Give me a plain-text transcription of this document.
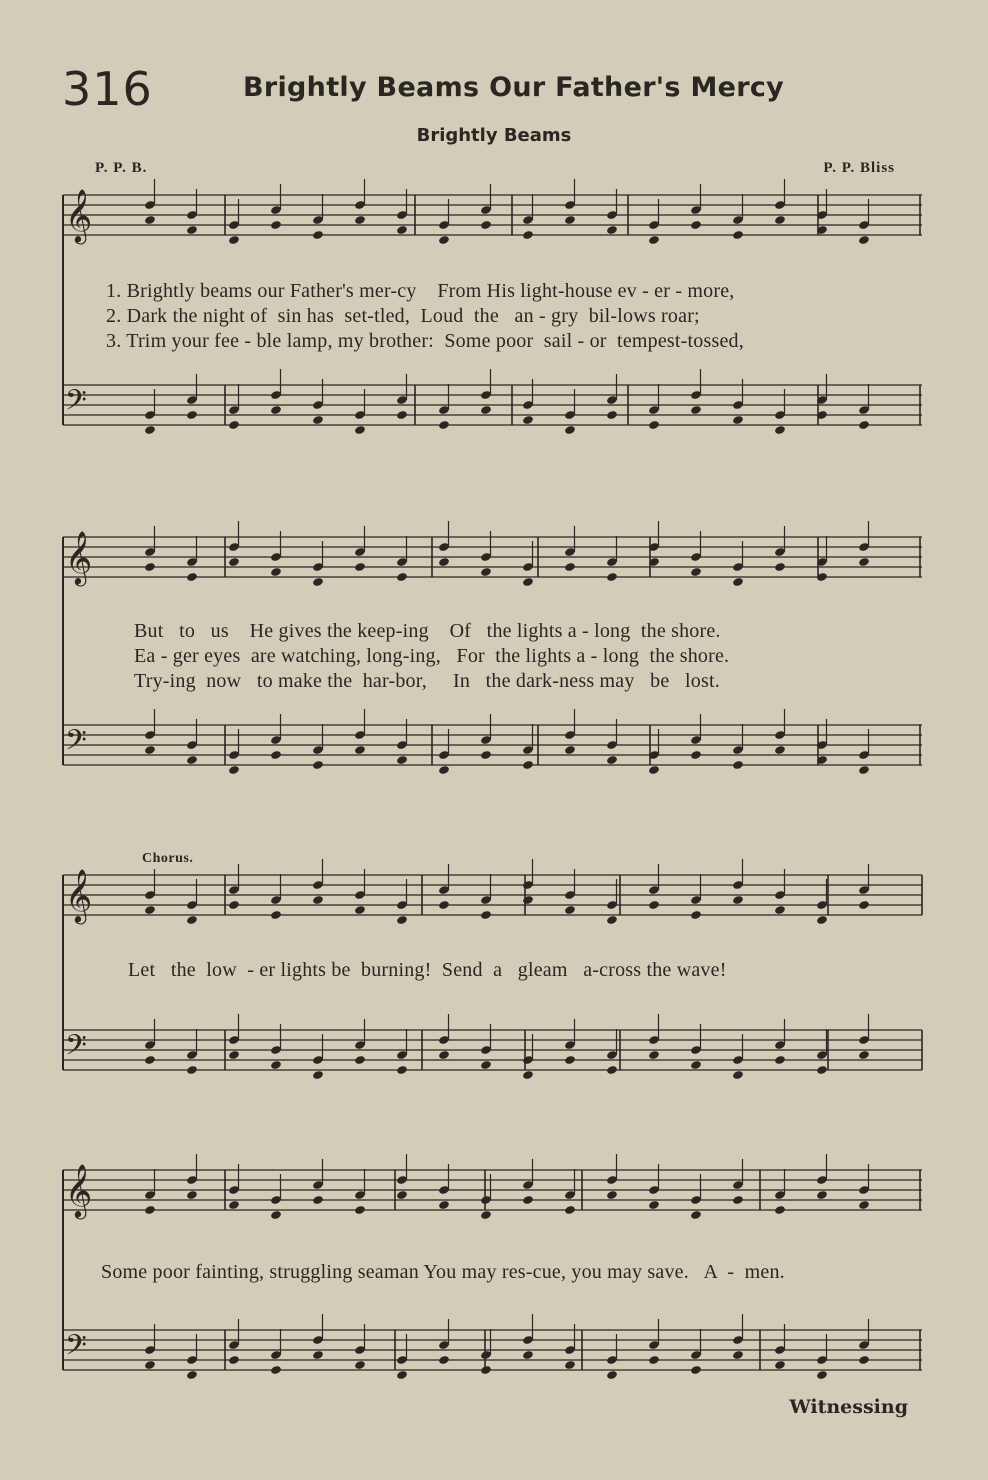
316	Brightly Beams Our Father's Mercy
Brightly Beams
P. P. B.	P. P. Bliss
𝄞
𝄢
𝄞
𝄢
𝄞
𝄢
𝄞
𝄢
1. Brightly beams our Father's mer-cy    From His light-house ev - er - more,
2. Dark the night of  sin has  set-tled,  Loud  the   an - gry  bil-lows roar;
3. Trim your fee - ble lamp, my brother:  Some poor  sail - or  tempest-tossed,
But   to   us    He gives the keep-ing    Of   the lights a - long  the shore.
Ea - ger eyes  are watching, long-ing,   For  the lights a - long  the shore.
Try-ing  now   to make the  har-bor,     In   the dark-ness may   be   lost.
Chorus.
Let   the  low  - er lights be  burning!  Send  a   gleam   a-cross the wave!
Some poor fainting, struggling seaman You may res-cue, you may save.   A  -  men.
Witnessing
